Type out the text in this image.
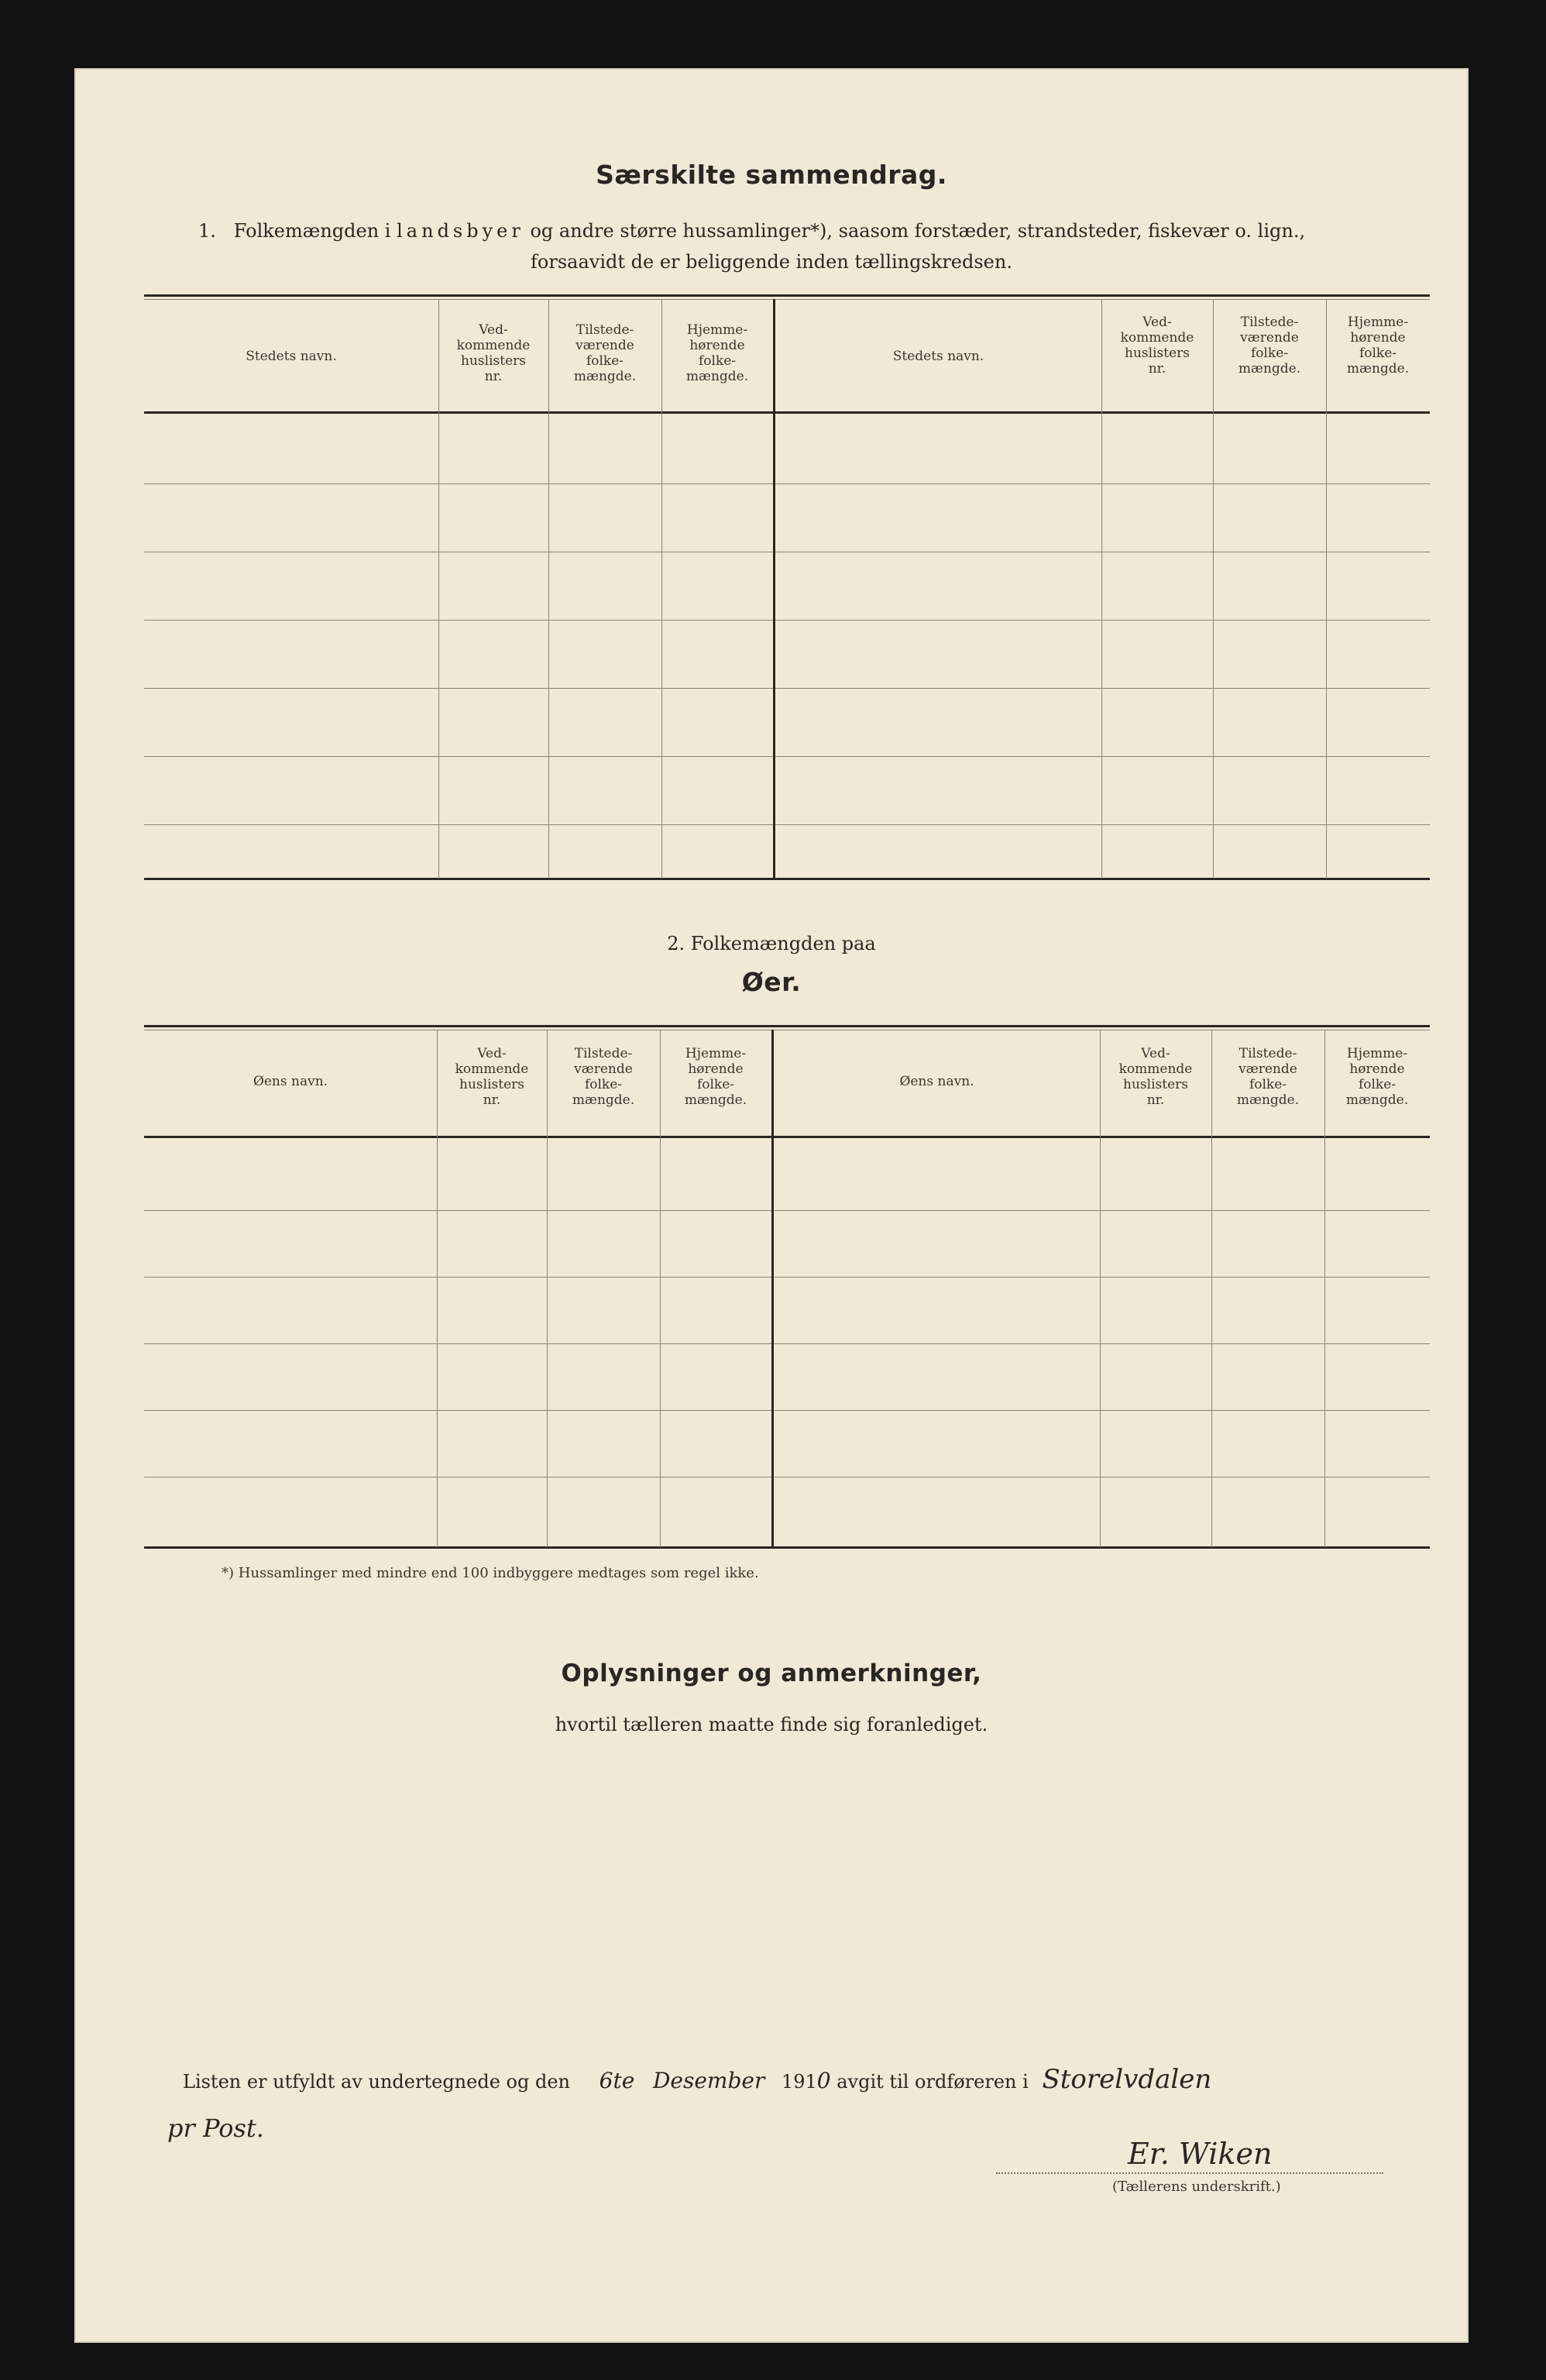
Særskilte sammendrag.
1. Folkemængden i landsbyer og andre større hussamlinger*), saasom forstæder, strandsteder, fiskevær o. lign.,
forsaavidt de er beliggende inden tællingskredsen.
Stedets navn.
Ved-
kommende
huslisters
nr.
Tilstede-
værende
folke-
mængde.
Hjemme-
hørende
folke-
mængde.
Stedets navn.
Ved-
kommende
huslisters
nr.
Tilstede-
værende
folke-
mængde.
Hjemme-
hørende
folke-
mængde.
2. Folkemængden paa
Øer.
Øens navn.
Ved-
kommende
huslisters
nr.
Tilstede-
værende
folke-
mængde.
Hjemme-
hørende
folke-
mængde.
Øens navn.
Ved-
kommende
huslisters
nr.
Tilstede-
værende
folke-
mængde.
Hjemme-
hørende
folke-
mængde.
*) Hussamlinger med mindre end 100 indbyggere medtages som regel ikke.
Oplysninger og anmerkninger,
hvortil tælleren maatte finde sig foranlediget.
Listen er utfyldt av undertegnede og den 6te Desember 1910 avgit til ordføreren i Storelvdalen
pr Post.
Er. Wiken
(Tællerens underskrift.)
